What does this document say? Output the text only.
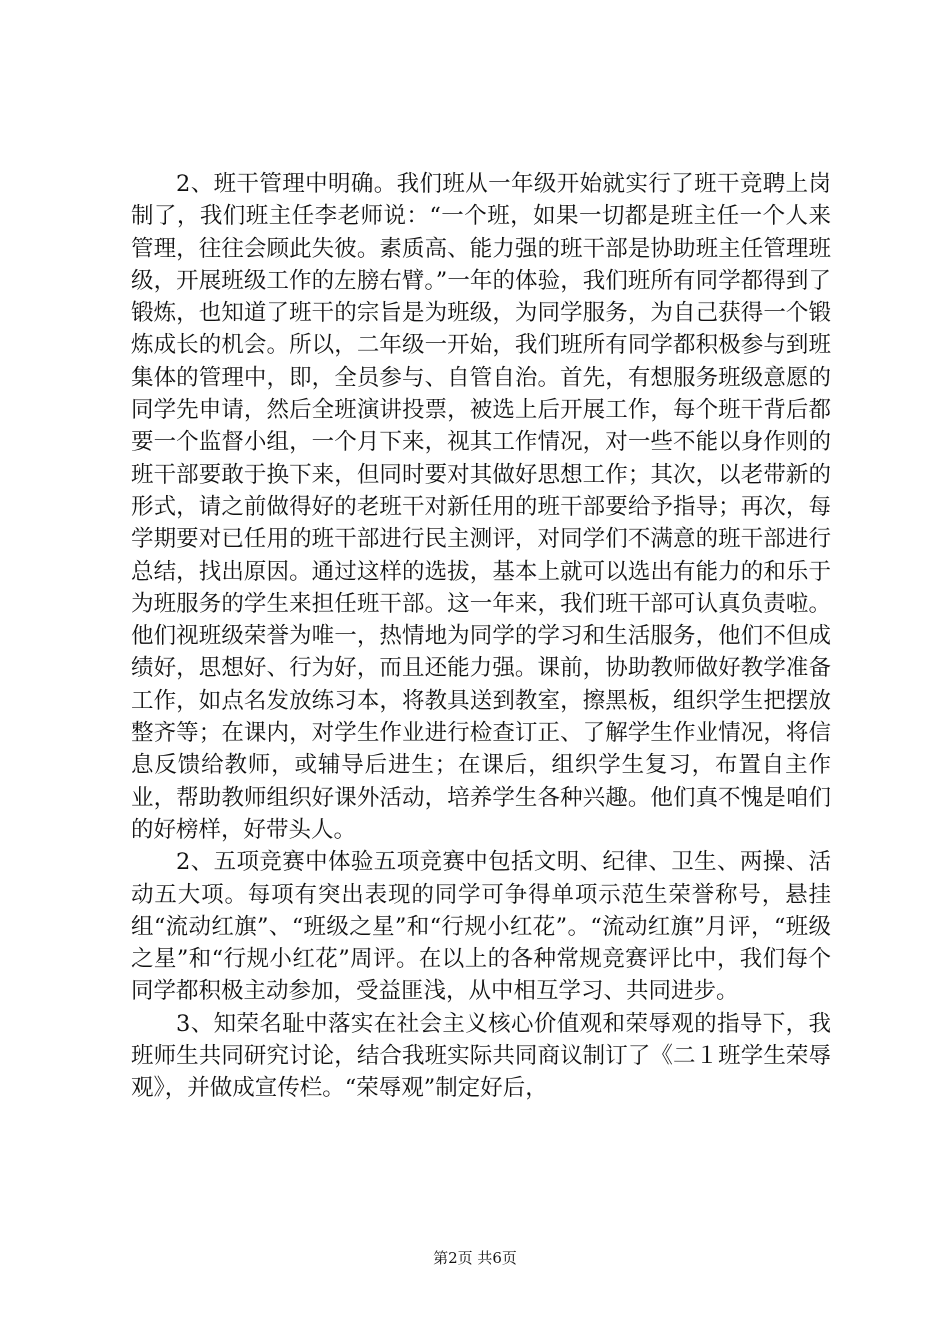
2、班干管理中明确。我们班从一年级开始就实行了班干竞聘上岗制了，我们班主任李老师说：“一个班，如果一切都是班主任一个人来管理，往往会顾此失彼。素质高、能力强的班干部是协助班主任管理班级，开展班级工作的左膀右臂。”一年的体验，我们班所有同学都得到了锻炼，也知道了班干的宗旨是为班级，为同学服务，为自己获得一个锻炼成长的机会。所以，二年级一开始，我们班所有同学都积极参与到班集体的管理中，即，全员参与、自管自治。首先，有想服务班级意愿的同学先申请，然后全班演讲投票，被选上后开展工作，每个班干背后都要一个监督小组，一个月下来，视其工作情况，对一些不能以身作则的班干部要敢于换下来，但同时要对其做好思想工作；其次，以老带新的形式，请之前做得好的老班干对新任用的班干部要给予指导；再次，每学期要对已任用的班干部进行民主测评，对同学们不满意的班干部进行总结，找出原因。通过这样的选拔，基本上就可以选出有能力的和乐于为班服务的学生来担任班干部。这一年来，我们班干部可认真负责啦。他们视班级荣誉为唯一，热情地为同学的学习和生活服务，他们不但成绩好，思想好、行为好，而且还能力强。课前，协助教师做好教学准备工作，如点名发放练习本，将教具送到教室，擦黑板，组织学生把摆放整齐等；在课内，对学生作业进行检查订正、了解学生作业情况，将信息反馈给教师，或辅导后进生；在课后，组织学生复习，布置自主作业，帮助教师组织好课外活动，培养学生各种兴趣。他们真不愧是咱们的好榜样，好带头人。

2、五项竞赛中体验五项竞赛中包括文明、纪律、卫生、两操、活动五大项。每项有突出表现的同学可争得单项示范生荣誉称号，悬挂组“流动红旗”、“班级之星”和“行规小红花”。“流动红旗”月评，“班级之星”和“行规小红花”周评。在以上的各种常规竞赛评比中，我们每个同学都积极主动参加，受益匪浅，从中相互学习、共同进步。

3、知荣名耻中落实在社会主义核心价值观和荣辱观的指导下，我班师生共同研究讨论，结合我班实际共同商议制订了《二１班学生荣辱观》，并做成宣传栏。“荣辱观”制定好后，

第2页 共6页
